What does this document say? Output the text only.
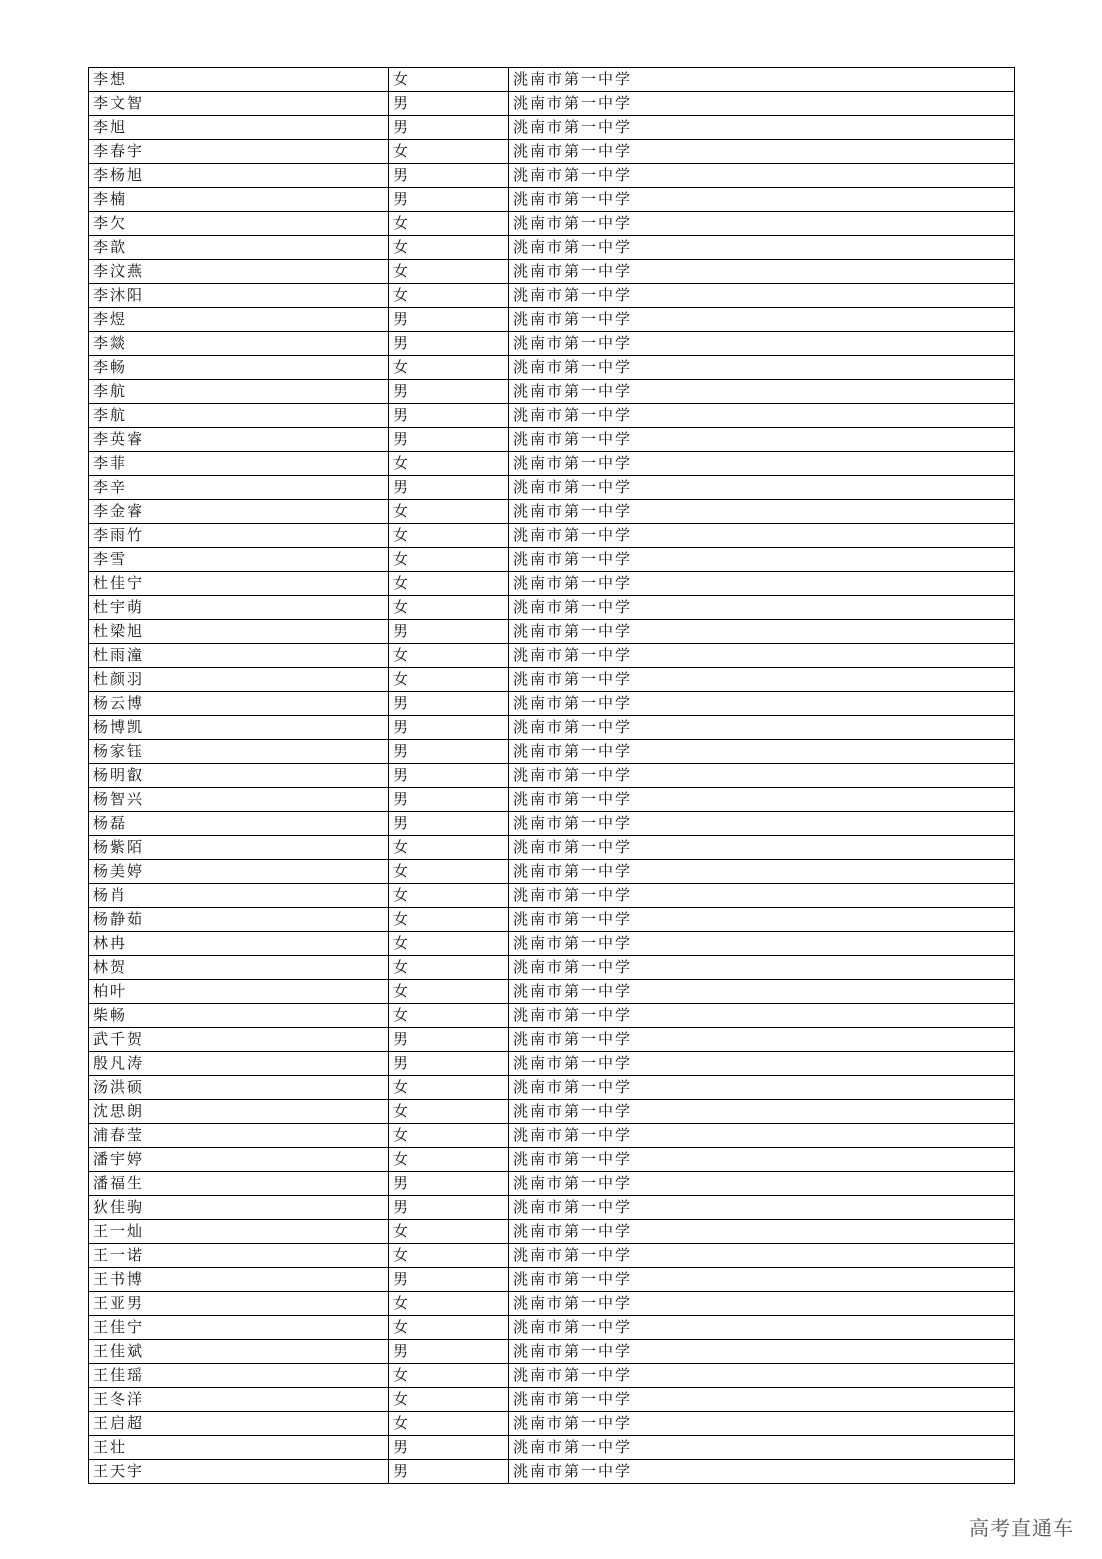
李想	女	洮南市第一中学
李文智	男	洮南市第一中学
李旭	男	洮南市第一中学
李春宇	女	洮南市第一中学
李杨旭	男	洮南市第一中学
李楠	男	洮南市第一中学
李欠	女	洮南市第一中学
李歆	女	洮南市第一中学
李汶燕	女	洮南市第一中学
李沐阳	女	洮南市第一中学
李煜	男	洮南市第一中学
李燚	男	洮南市第一中学
李畅	女	洮南市第一中学
李航	男	洮南市第一中学
李航	男	洮南市第一中学
李英睿	男	洮南市第一中学
李菲	女	洮南市第一中学
李辛	男	洮南市第一中学
李金睿	女	洮南市第一中学
李雨竹	女	洮南市第一中学
李雪	女	洮南市第一中学
杜佳宁	女	洮南市第一中学
杜宇萌	女	洮南市第一中学
杜梁旭	男	洮南市第一中学
杜雨潼	女	洮南市第一中学
杜颜羽	女	洮南市第一中学
杨云博	男	洮南市第一中学
杨博凯	男	洮南市第一中学
杨家钰	男	洮南市第一中学
杨明叡	男	洮南市第一中学
杨智兴	男	洮南市第一中学
杨磊	男	洮南市第一中学
杨紫陌	女	洮南市第一中学
杨美婷	女	洮南市第一中学
杨肖	女	洮南市第一中学
杨静茹	女	洮南市第一中学
林冉	女	洮南市第一中学
林贺	女	洮南市第一中学
柏叶	女	洮南市第一中学
柴畅	女	洮南市第一中学
武千贺	男	洮南市第一中学
殷凡涛	男	洮南市第一中学
汤洪硕	女	洮南市第一中学
沈思朗	女	洮南市第一中学
浦春莹	女	洮南市第一中学
潘宇婷	女	洮南市第一中学
潘福生	男	洮南市第一中学
狄佳驹	男	洮南市第一中学
王一灿	女	洮南市第一中学
王一诺	女	洮南市第一中学
王书博	男	洮南市第一中学
王亚男	女	洮南市第一中学
王佳宁	女	洮南市第一中学
王佳斌	男	洮南市第一中学
王佳瑶	女	洮南市第一中学
王冬洋	女	洮南市第一中学
王启超	女	洮南市第一中学
王壮	男	洮南市第一中学
王天宇	男	洮南市第一中学
高考直通车
